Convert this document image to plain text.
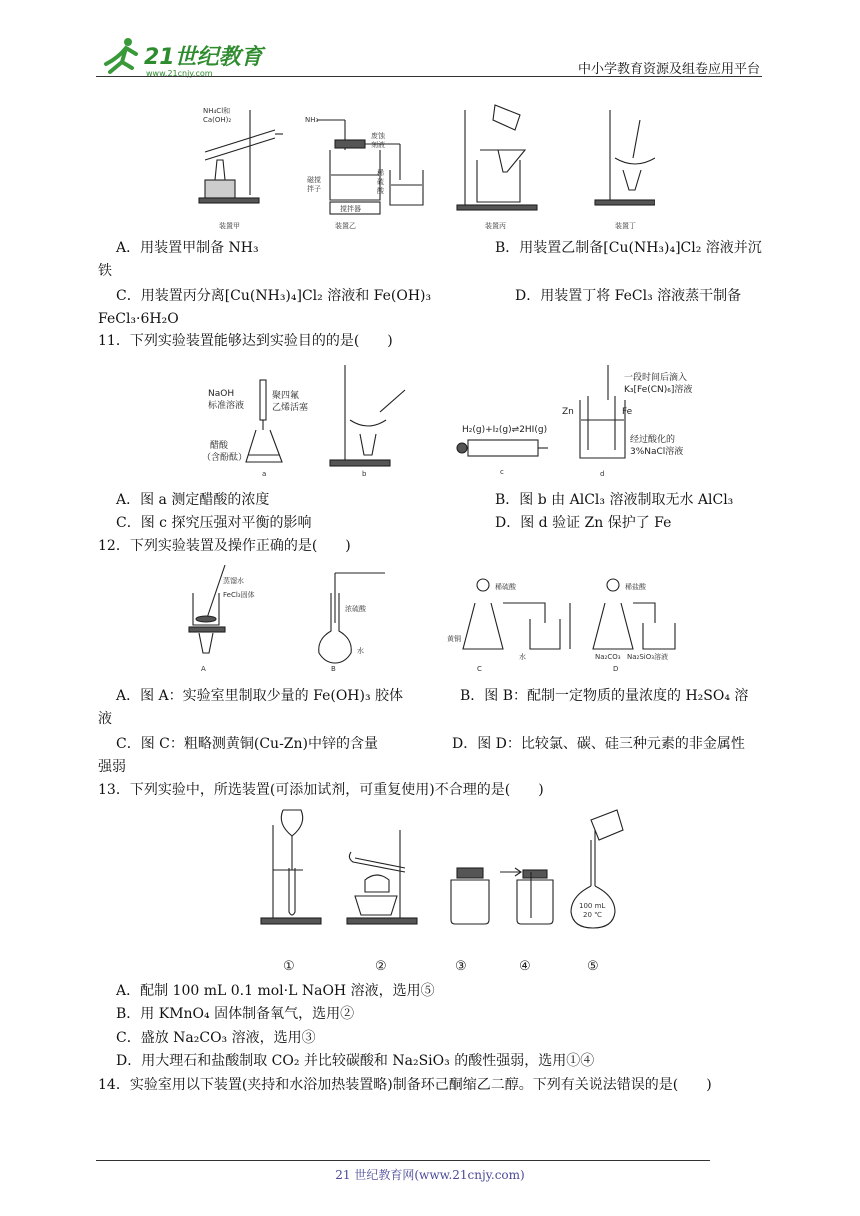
21世纪教育
www.21cnjy.com	中小学教育资源及组卷应用平台
NH₄Cl和
Ca(OH)₂
装置甲
NH₃
废蚀
刻液
磁搅
拌子
搅拌器
稀
硫
酸
装置乙	装置丙	装置丁
A．用装置甲制备 NH₃	B．用装置乙制备[Cu(NH₃)₄]Cl₂ 溶液并沉
铁
C．用装置丙分离[Cu(NH₃)₄]Cl₂ 溶液和 Fe(OH)₃	D．用装置丁将 FeCl₃ 溶液蒸干制备
FeCl₃·6H₂O
11．下列实验装置能够达到实验目的的是(　　)
NaOH
标准溶液
聚四氟
乙烯活塞
醋酸
（含酚酞）
a	b
H₂(g)+I₂(g)⇌2HI(g)
c
一段时间后滴入
K₃[Fe(CN)₆]溶液
Zn	Fe
经过酸化的
3%NaCl溶液
d
A．图 a 测定醋酸的浓度	B．图 b 由 AlCl₃ 溶液制取无水 AlCl₃
C．图 c 探究压强对平衡的影响	D．图 d 验证 Zn 保护了 Fe
12．下列实验装置及操作正确的是(　　)
蒸馏水
FeCl₃固体
A
浓硫酸
水
B
稀硫酸
黄铜
水
C
稀盐酸
Na₂CO₃ Na₂SiO₃溶液
D
A．图 A：实验室里制取少量的 Fe(OH)₃ 胶体	B．图 B：配制一定物质的量浓度的 H₂SO₄ 溶
液
C．图 C：粗略测黄铜(Cu-Zn)中锌的含量	D．图 D：比较氯、碳、硅三种元素的非金属性
强弱
13．下列实验中，所选装置(可添加试剂，可重复使用)不合理的是(　　)
①	②	③	④
100 mL
20 ℃
⑤
A．配制 100 mL 0.1 mol·L NaOH 溶液，选用⑤
B．用 KMnO₄ 固体制备氧气，选用②
C．盛放 Na₂CO₃ 溶液，选用③
D．用大理石和盐酸制取 CO₂ 并比较碳酸和 Na₂SiO₃ 的酸性强弱，选用①④
14．实验室用以下装置(夹持和水浴加热装置略)制备环己酮缩乙二醇。下列有关说法错误的是(　　)
21 世纪教育网(www.21cnjy.com)
